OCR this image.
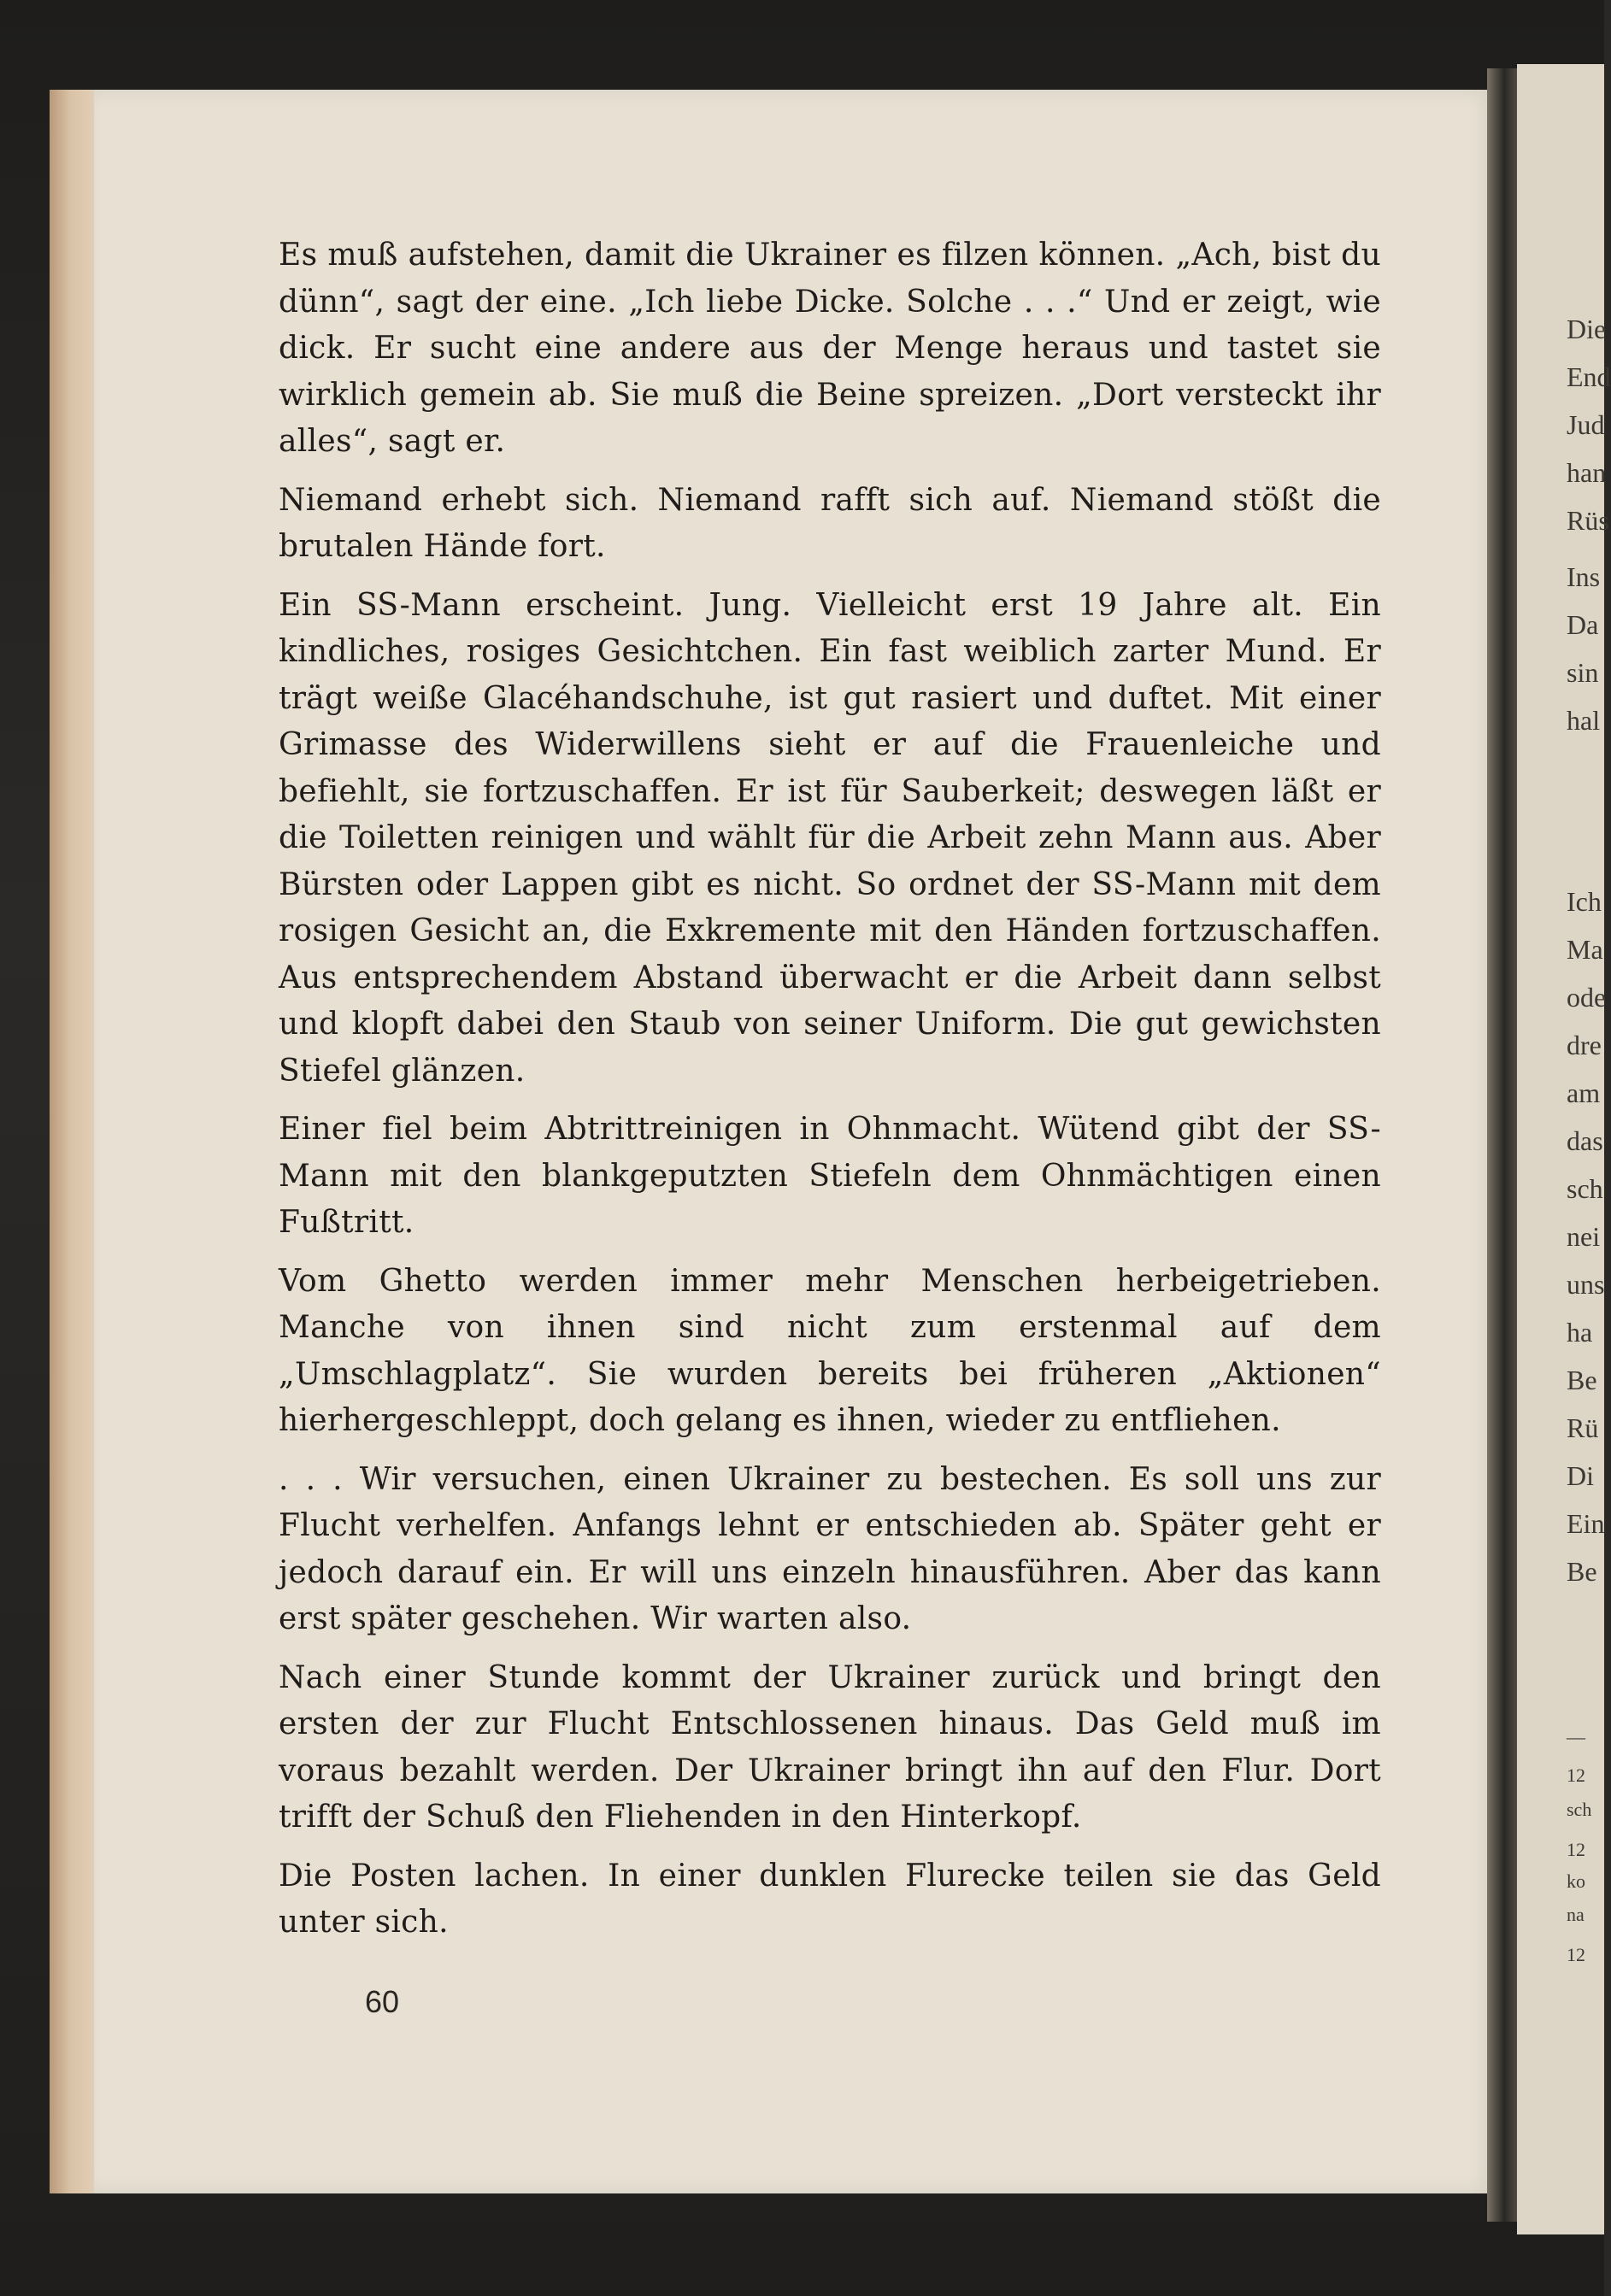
Es muß aufstehen, damit die Ukrainer es filzen können. „Ach, bist du dünn“, sagt der eine. „Ich liebe Dicke. Solche . . .“ Und er zeigt, wie dick. Er sucht eine andere aus der Menge heraus und tastet sie wirklich gemein ab. Sie muß die Beine spreizen. „Dort versteckt ihr alles“, sagt er.

Niemand erhebt sich. Niemand rafft sich auf. Niemand stößt die brutalen Hände fort.

Ein SS-Mann erscheint. Jung. Vielleicht erst 19 Jahre alt. Ein kindliches, rosiges Gesichtchen. Ein fast weiblich zarter Mund. Er trägt weiße Glacéhandschuhe, ist gut rasiert und duftet. Mit einer Grimasse des Widerwillens sieht er auf die Frauenleiche und befiehlt, sie fortzuschaffen. Er ist für Sauberkeit; deswegen läßt er die Toiletten reinigen und wählt für die Arbeit zehn Mann aus. Aber Bürsten oder Lappen gibt es nicht. So ordnet der SS-Mann mit dem rosigen Gesicht an, die Exkremente mit den Händen fortzuschaffen. Aus entsprechendem Abstand überwacht er die Arbeit dann selbst und klopft dabei den Staub von seiner Uniform. Die gut gewichsten Stiefel glänzen.

Einer fiel beim Abtrittreinigen in Ohnmacht. Wütend gibt der SS-Mann mit den blankgeputzten Stiefeln dem Ohnmächtigen einen Fußtritt.

Vom Ghetto werden immer mehr Menschen herbeigetrieben. Manche von ihnen sind nicht zum erstenmal auf dem „Umschlagplatz“. Sie wurden bereits bei früheren „Aktionen“ hierhergeschleppt, doch gelang es ihnen, wieder zu entfliehen.

. . . Wir versuchen, einen Ukrainer zu bestechen. Es soll uns zur Flucht verhelfen. Anfangs lehnt er entschieden ab. Später geht er jedoch darauf ein. Er will uns einzeln hinausführen. Aber das kann erst später geschehen. Wir warten also.

Nach einer Stunde kommt der Ukrainer zurück und bringt den ersten der zur Flucht Entschlossenen hinaus. Das Geld muß im voraus bezahlt werden. Der Ukrainer bringt ihn auf den Flur. Dort trifft der Schuß den Fliehenden in den Hinterkopf.

Die Posten lachen. In einer dunklen Flurecke teilen sie das Geld unter sich.

60
Die
End
Jud
han
Rüs
Ins
Da
sin
hal
Ich
Ma
ode
dre
am
das
sch
nei
uns
ha
Be
Rü
Di
Ein
Be
—
12
sch
12
ko
na
12
